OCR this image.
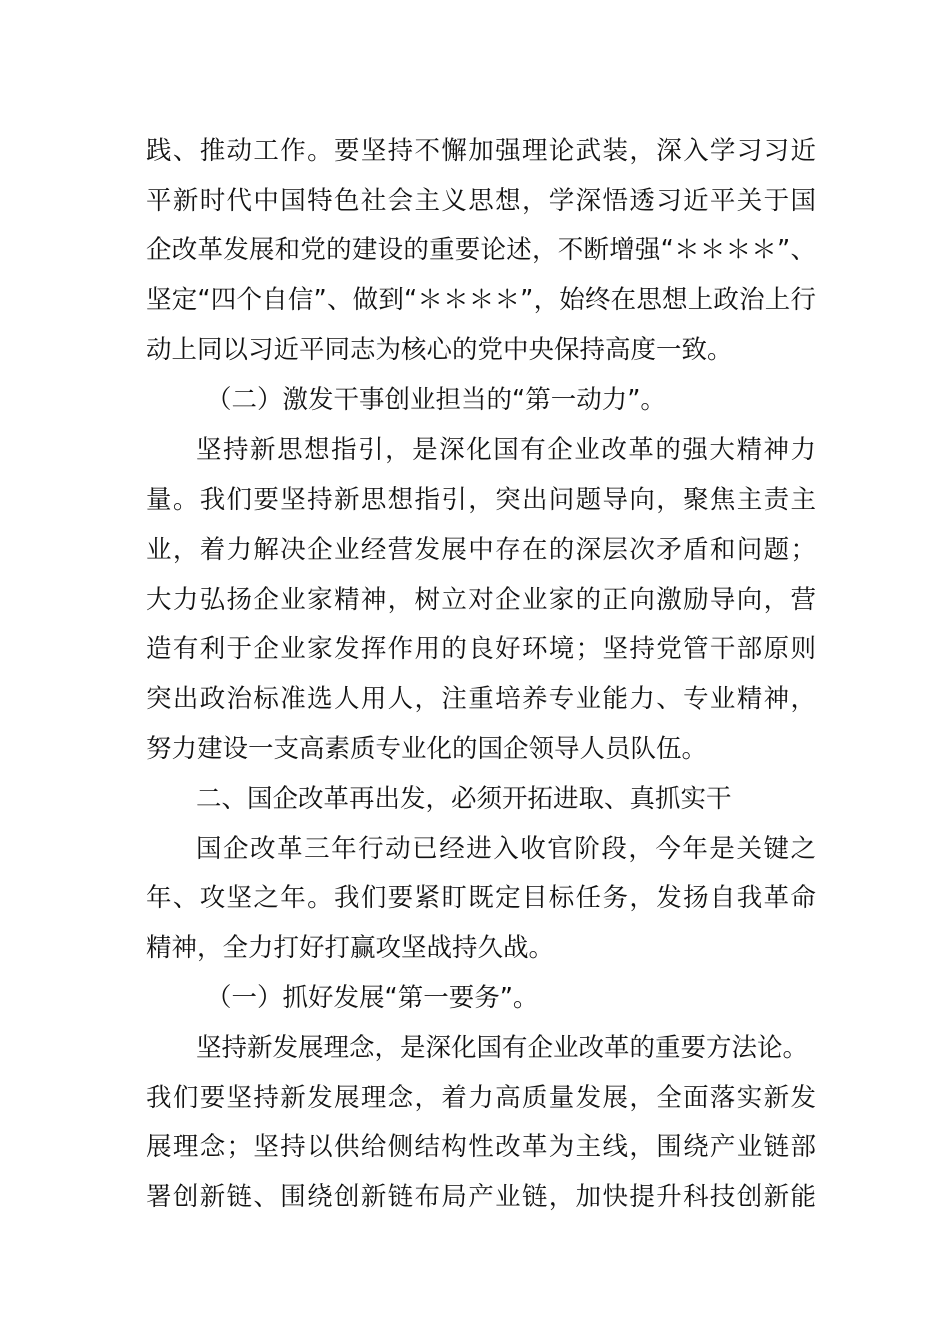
践、推动工作。要坚持不懈加强理论武装，深入学习习近
平新时代中国特色社会主义思想，学深悟透习近平关于国
企改革发展和党的建设的重要论述，不断增强“＊＊＊＊”、
坚定“四个自信”、做到“＊＊＊＊”，始终在思想上政治上行
动上同以习近平同志为核心的党中央保持高度一致。
（二）激发干事创业担当的“第一动力”。
坚持新思想指引，是深化国有企业改革的强大精神力
量。我们要坚持新思想指引，突出问题导向，聚焦主责主
业，着力解决企业经营发展中存在的深层次矛盾和问题；
大力弘扬企业家精神，树立对企业家的正向激励导向，营
造有利于企业家发挥作用的良好环境；坚持党管干部原则
突出政治标准选人用人，注重培养专业能力、专业精神，
努力建设一支高素质专业化的国企领导人员队伍。
二、国企改革再出发，必须开拓进取、真抓实干
国企改革三年行动已经进入收官阶段，今年是关键之
年、攻坚之年。我们要紧盯既定目标任务，发扬自我革命
精神，全力打好打赢攻坚战持久战。
（一）抓好发展“第一要务”。
坚持新发展理念，是深化国有企业改革的重要方法论。
我们要坚持新发展理念，着力高质量发展，全面落实新发
展理念；坚持以供给侧结构性改革为主线，围绕产业链部
署创新链、围绕创新链布局产业链，加快提升科技创新能
